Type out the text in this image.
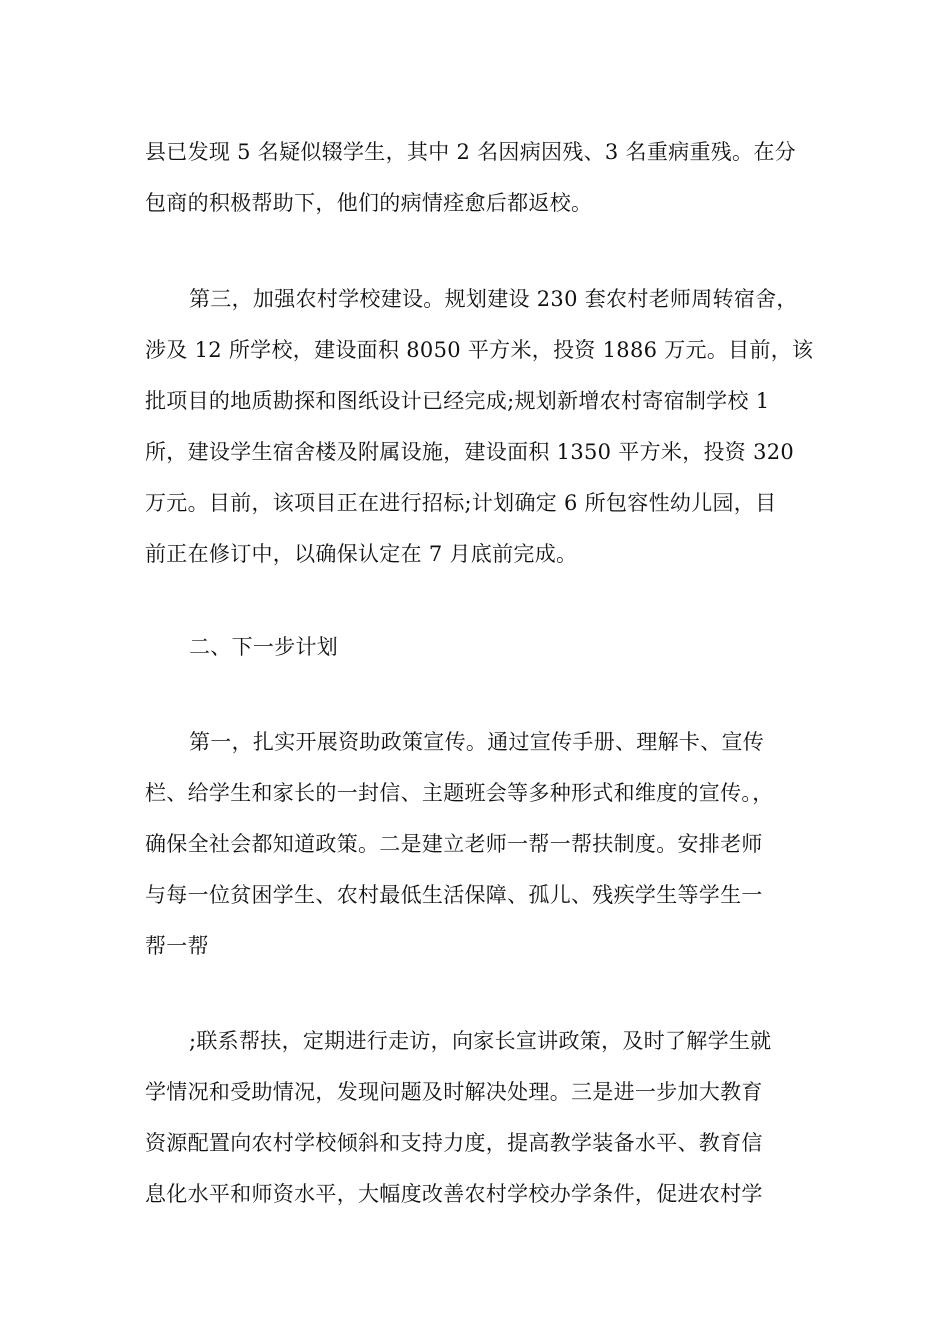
县已发现 5 名疑似辍学生，其中 2 名因病因残、3 名重病重残。在分
包商的积极帮助下，他们的病情痊愈后都返校。
第三，加强农村学校建设。规划建设 230 套农村老师周转宿舍，
涉及 12 所学校，建设面积 8050 平方米，投资 1886 万元。目前，该
批项目的地质勘探和图纸设计已经完成;规划新增农村寄宿制学校 1
所，建设学生宿舍楼及附属设施，建设面积 1350 平方米，投资 320
万元。目前，该项目正在进行招标;计划确定 6 所包容性幼儿园，目
前正在修订中，以确保认定在 7 月底前完成。
二、下一步计划
第一，扎实开展资助政策宣传。通过宣传手册、理解卡、宣传
栏、给学生和家长的一封信、主题班会等多种形式和维度的宣传。，
确保全社会都知道政策。二是建立老师一帮一帮扶制度。安排老师
与每一位贫困学生、农村最低生活保障、孤儿、残疾学生等学生一
帮一帮
;联系帮扶，定期进行走访，向家长宣讲政策，及时了解学生就
学情况和受助情况，发现问题及时解决处理。三是进一步加大教育
资源配置向农村学校倾斜和支持力度，提高教学装备水平、教育信
息化水平和师资水平，大幅度改善农村学校办学条件，促进农村学
